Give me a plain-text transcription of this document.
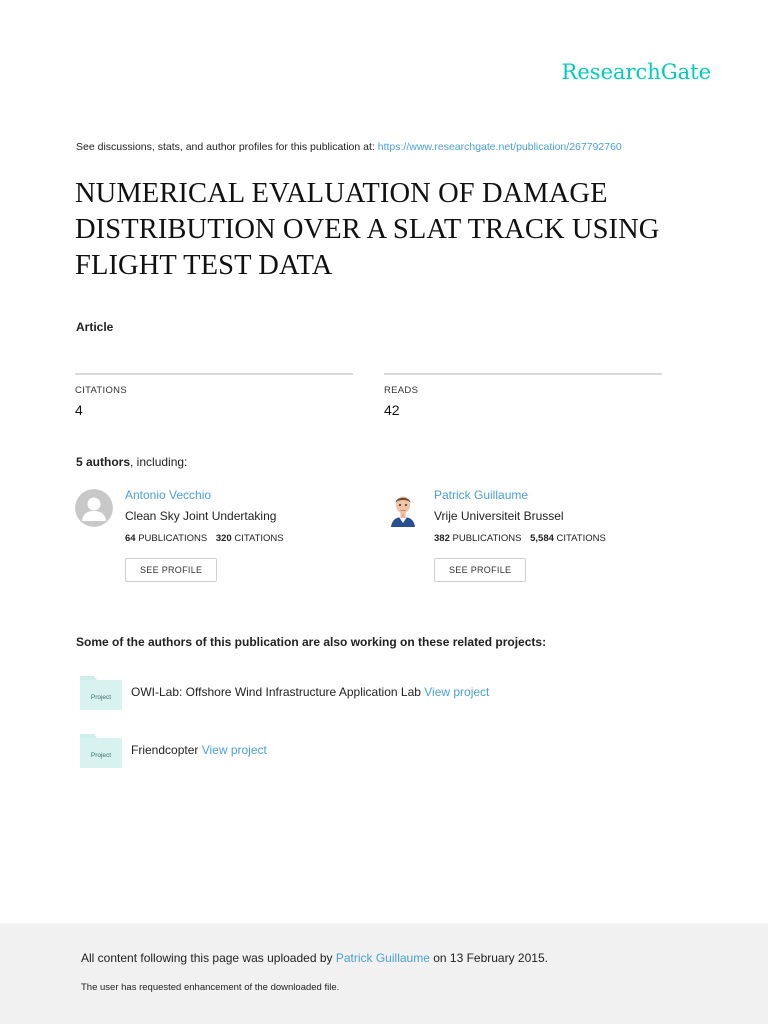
ResearchGate
See discussions, stats, and author profiles for this publication at: https://www.researchgate.net/publication/267792760
NUMERICAL EVALUATION OF DAMAGE
DISTRIBUTION OVER A SLAT TRACK USING
FLIGHT TEST DATA
Article
CITATIONS
4
READS
42
5 authors, including:
Antonio Vecchio
Clean Sky Joint Undertaking
64 PUBLICATIONS 320 CITATIONS
SEE PROFILE
Patrick Guillaume
Vrije Universiteit Brussel
382 PUBLICATIONS 5,584 CITATIONS
SEE PROFILE
Some of the authors of this publication are also working on these related projects:
Project OWI-Lab: Offshore Wind Infrastructure Application Lab View project
Project Friendcopter View project
All content following this page was uploaded by Patrick Guillaume on 13 February 2015.
The user has requested enhancement of the downloaded file.
